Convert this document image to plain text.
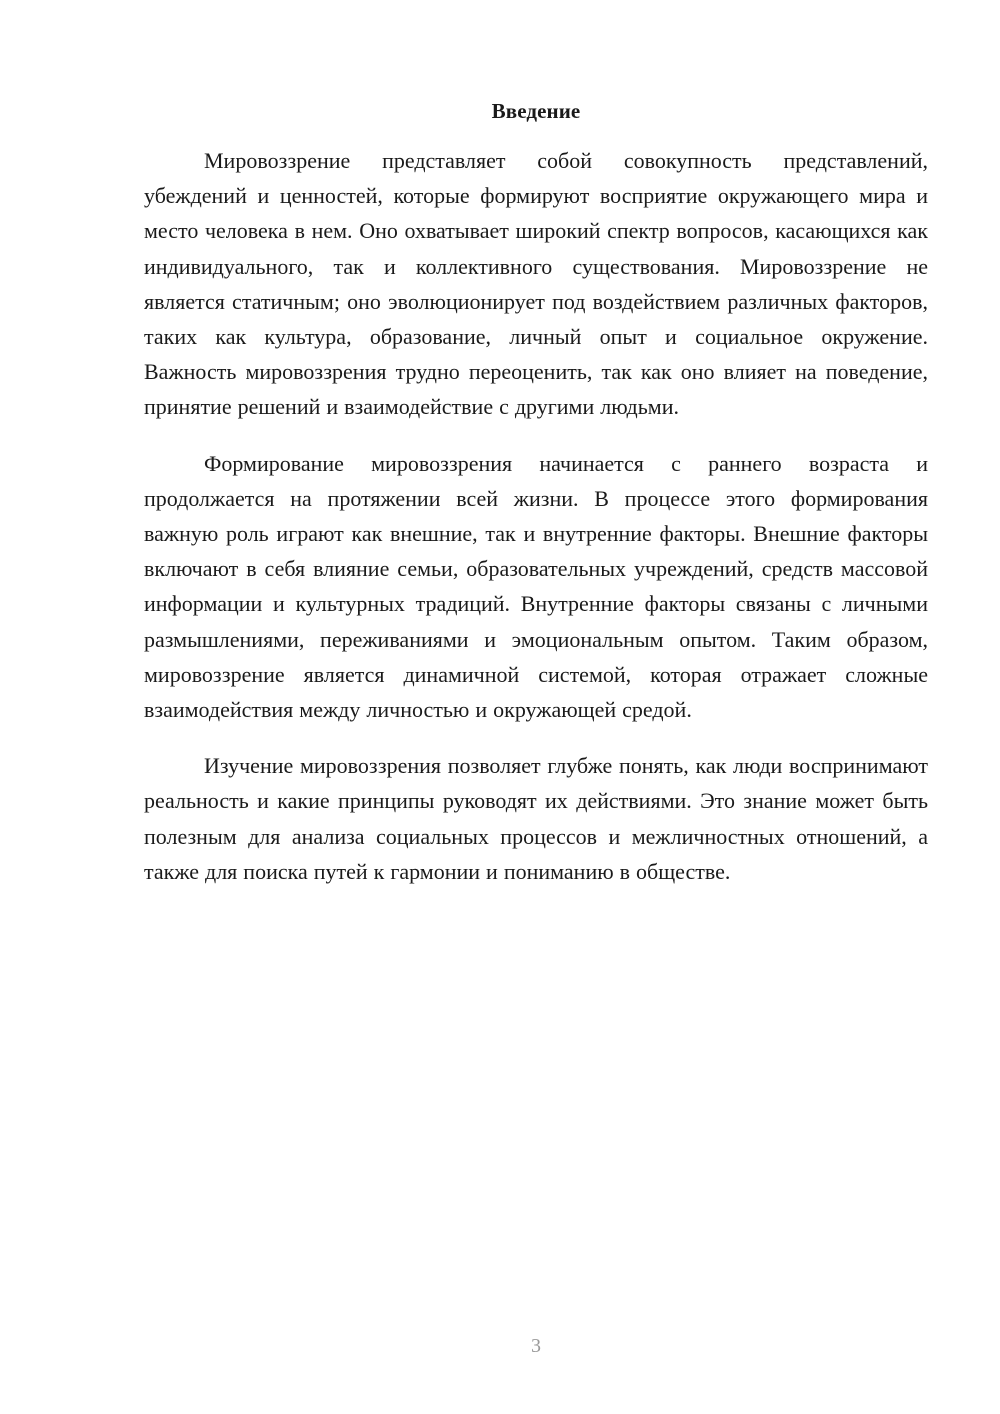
Введение

Мировоззрение представляет собой совокупность представлений, убеждений и ценностей, которые формируют восприятие окружающего мира и место человека в нем. Оно охватывает широкий спектр вопросов, касающихся как индивидуального, так и коллективного существования. Мировоззрение не является статичным; оно эволюционирует под воздействием различных факторов, таких как культура, образование, личный опыт и социальное окружение. Важность мировоззрения трудно переоценить, так как оно влияет на поведение, принятие решений и взаимодействие с другими людьми.

Формирование мировоззрения начинается с раннего возраста и продолжается на протяжении всей жизни. В процессе этого формирования важную роль играют как внешние, так и внутренние факторы. Внешние факторы включают в себя влияние семьи, образовательных учреждений, средств массовой информации и культурных традиций. Внутренние факторы связаны с личными размышлениями, переживаниями и эмоциональным опытом. Таким образом, мировоззрение является динамичной системой, которая отражает сложные взаимодействия между личностью и окружающей средой.

Изучение мировоззрения позволяет глубже понять, как люди воспринимают реальность и какие принципы руководят их действиями. Это знание может быть полезным для анализа социальных процессов и межличностных отношений, а также для поиска путей к гармонии и пониманию в обществе.

3
